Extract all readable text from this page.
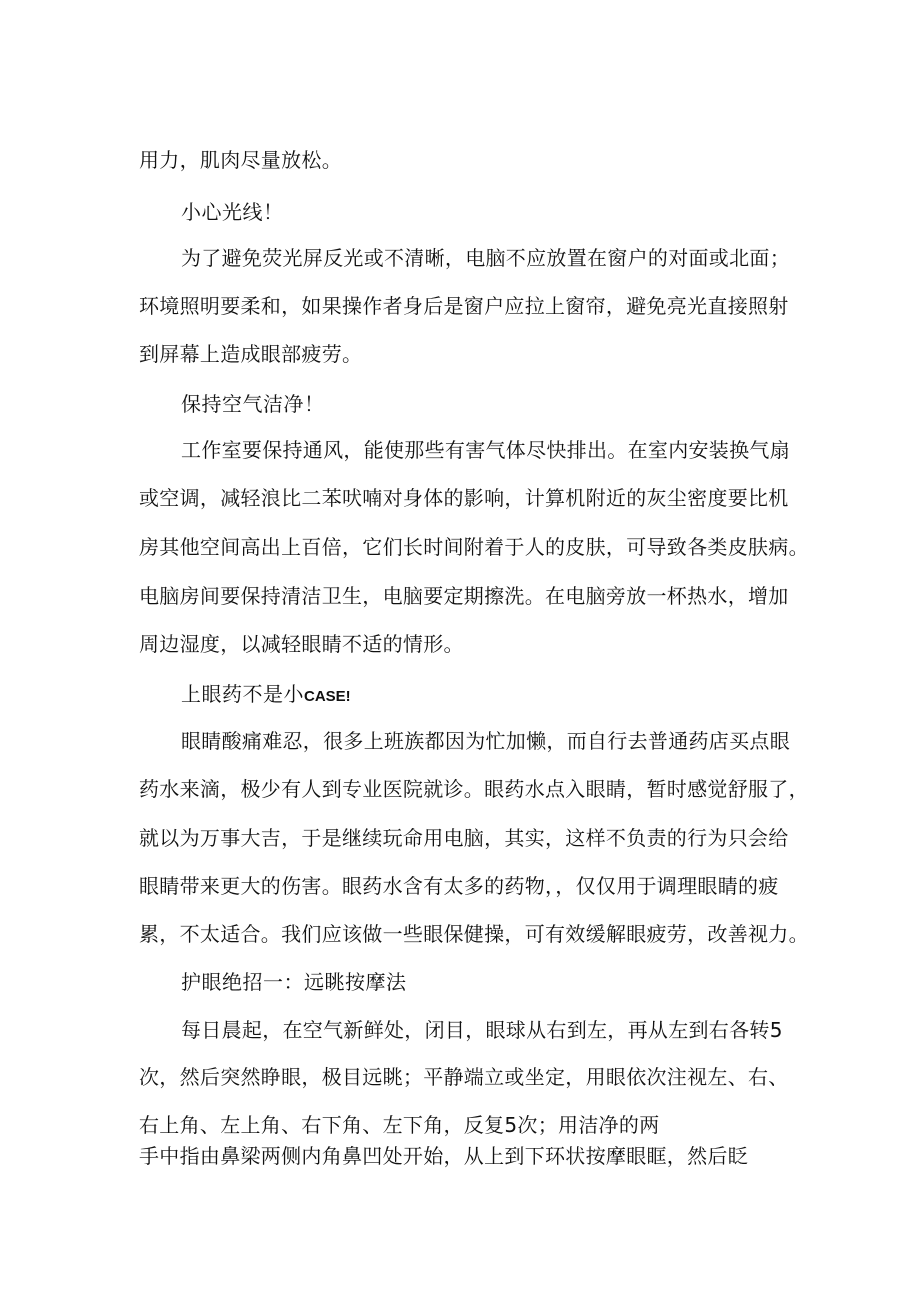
用力，肌肉尽量放松。
小心光线！
为了避免荧光屏反光或不清晰，电脑不应放置在窗户的对面或北面；
环境照明要柔和，如果操作者身后是窗户应拉上窗帘，避免亮光直接照射
到屏幕上造成眼部疲劳。
保持空气洁净！
工作室要保持通风，能使那些有害气体尽快排出。在室内安装换气扇
或空调，减轻浪比二苯吠喃对身体的影响，计算机附近的灰尘密度要比机
房其他空间高出上百倍，它们长时间附着于人的皮肤，可导致各类皮肤病。
电脑房间要保持清洁卫生，电脑要定期擦洗。在电脑旁放一杯热水，增加
周边湿度，以减轻眼睛不适的情形。
上眼药不是小CASE!
眼睛酸痛难忍，很多上班族都因为忙加懒，而自行去普通药店买点眼
药水来滴，极少有人到专业医院就诊。眼药水点入眼睛，暂时感觉舒服了，
就以为万事大吉，于是继续玩命用电脑，其实，这样不负责的行为只会给
眼睛带来更大的伤害。眼药水含有太多的药物，，仅仅用于调理眼睛的疲
累，不太适合。我们应该做一些眼保健操，可有效缓解眼疲劳，改善视力。
护眼绝招一：远眺按摩法
每日晨起，在空气新鲜处，闭目，眼球从右到左，再从左到右各转5
次，然后突然睁眼，极目远眺；平静端立或坐定，用眼依次注视左、右、
右上角、左上角、右下角、左下角，反复5次；用洁净的两
手中指由鼻梁两侧内角鼻凹处开始，从上到下环状按摩眼眶，然后眨
